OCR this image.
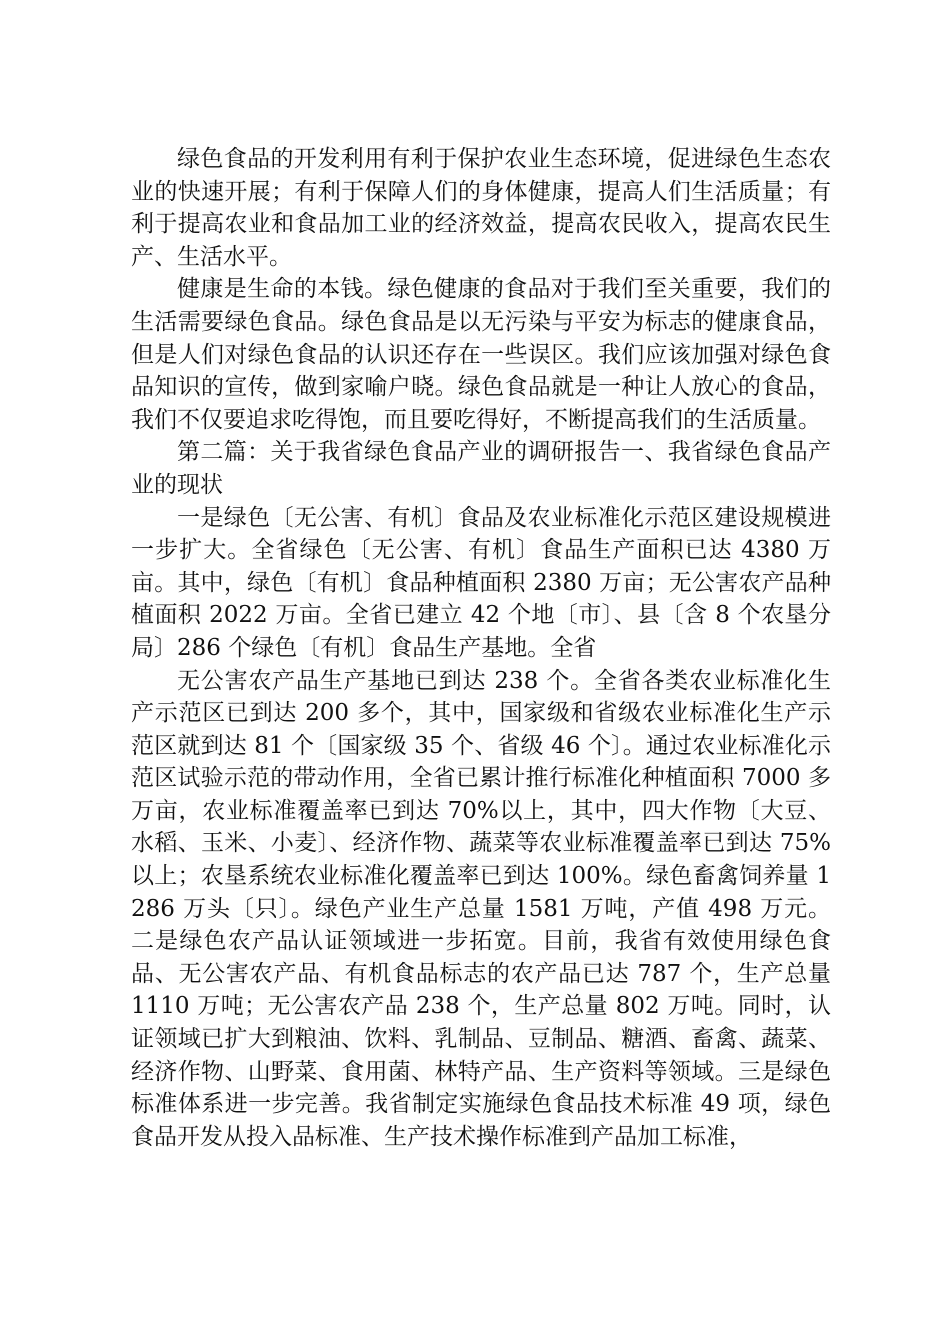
绿色食品的开发利用有利于保护农业生态环境，促进绿色生态农业的快速开展；有利于保障人们的身体健康，提高人们生活质量；有利于提高农业和食品加工业的经济效益，提高农民收入，提高农民生产、生活水平。

健康是生命的本钱。绿色健康的食品对于我们至关重要，我们的生活需要绿色食品。绿色食品是以无污染与平安为标志的健康食品，但是人们对绿色食品的认识还存在一些误区。我们应该加强对绿色食品知识的宣传，做到家喻户晓。绿色食品就是一种让人放心的食品，我们不仅要追求吃得饱，而且要吃得好，不断提高我们的生活质量。

第二篇：关于我省绿色食品产业的调研报告一、我省绿色食品产业的现状

一是绿色〔无公害、有机〕食品及农业标准化示范区建设规模进一步扩大。全省绿色〔无公害、有机〕食品生产面积已达 4380 万亩。其中，绿色〔有机〕食品种植面积 2380 万亩；无公害农产品种植面积 2022 万亩。全省已建立 42 个地〔市〕、县〔含 8 个农垦分局〕286 个绿色〔有机〕食品生产基地。全省

无公害农产品生产基地已到达 238 个。全省各类农业标准化生产示范区已到达 200 多个，其中，国家级和省级农业标准化生产示范区就到达 81 个〔国家级 35 个、省级 46 个〕。通过农业标准化示范区试验示范的带动作用，全省已累计推行标准化种植面积 7000 多万亩，农业标准覆盖率已到达 70%以上，其中，四大作物〔大豆、水稻、玉米、小麦〕、经济作物、蔬菜等农业标准覆盖率已到达 75%以上；农垦系统农业标准化覆盖率已到达 100%。绿色畜禽饲养量 1286 万头〔只〕。绿色产业生产总量 1581 万吨，产值 498 万元。二是绿色农产品认证领域进一步拓宽。目前，我省有效使用绿色食品、无公害农产品、有机食品标志的农产品已达 787 个，生产总量 1110 万吨；无公害农产品 238 个，生产总量 802 万吨。同时，认证领域已扩大到粮油、饮料、乳制品、豆制品、糖酒、畜禽、蔬菜、经济作物、山野菜、食用菌、林特产品、生产资料等领域。三是绿色标准体系进一步完善。我省制定实施绿色食品技术标准 49 项，绿色食品开发从投入品标准、生产技术操作标准到产品加工标准，
